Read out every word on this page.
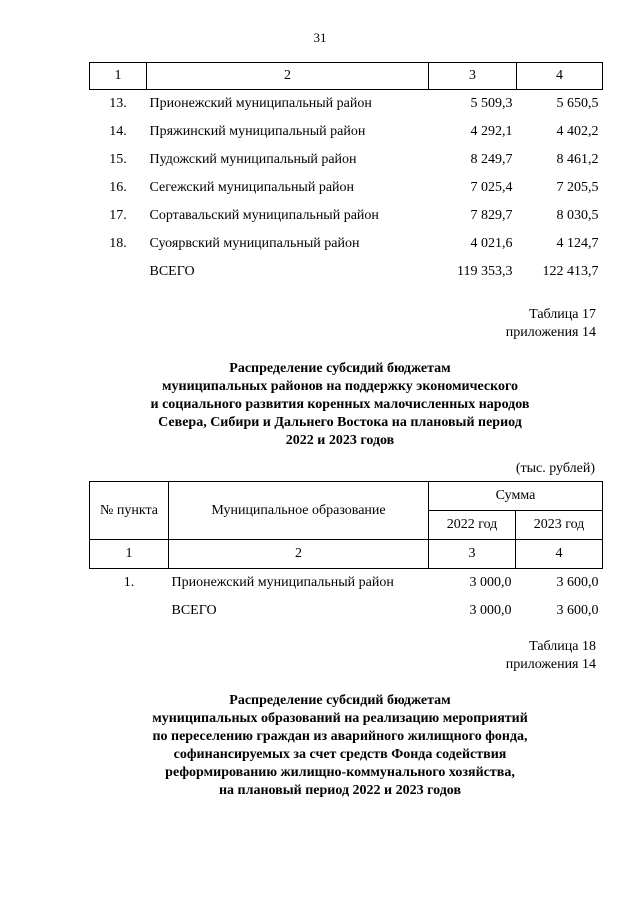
31
1	2	3	4
13.	Прионежский муниципальный район	5 509,3	5 650,5
14.	Пряжинский муниципальный район	4 292,1	4 402,2
15.	Пудожский муниципальный район	8 249,7	8 461,2
16.	Сегежский муниципальный район	7 025,4	7 205,5
17.	Сортавальский муниципальный район	7 829,7	8 030,5
18.	Суоярвский муниципальный район	4 021,6	4 124,7
	ВСЕГО	119 353,3	122 413,7
Таблица 17
приложения 14
Распределение субсидий бюджетам
муниципальных районов на поддержку экономического
и социального развития коренных малочисленных народов
Севера, Сибири и Дальнего Востока на плановый период
2022 и 2023 годов
(тыс. рублей)
№ пункта	Муниципальное образование	Сумма	
		2022 год	2023 год
1	2	3	4
1.	Прионежский муниципальный район	3 000,0	3 600,0
	ВСЕГО	3 000,0	3 600,0
Таблица 18
приложения 14
Распределение субсидий бюджетам
муниципальных образований на реализацию мероприятий
по переселению граждан из аварийного жилищного фонда,
софинансируемых за счет средств Фонда содействия
реформированию жилищно-коммунального хозяйства,
на плановый период 2022 и 2023 годов
